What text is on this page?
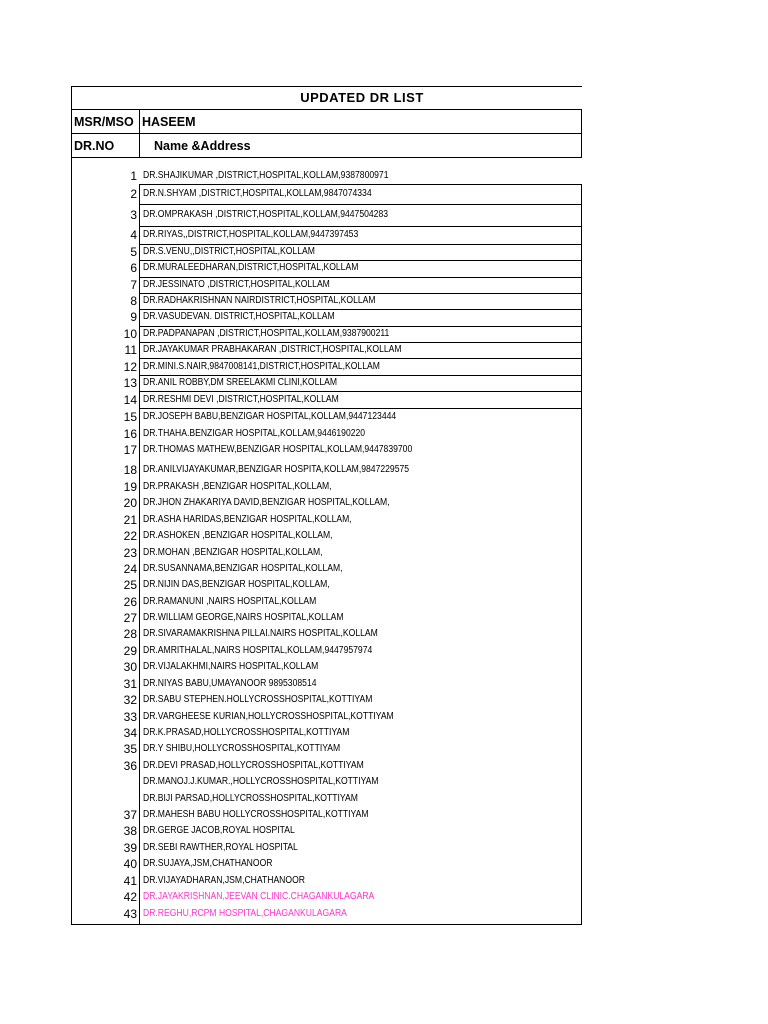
UPDATED DR LIST
MSR/MSO HASEEM
DR.NO	Name &Address
1 DR.SHAJIKUMAR ,DISTRICT,HOSPITAL,KOLLAM,9387800971
2 DR.N.SHYAM ,DISTRICT,HOSPITAL,KOLLAM,9847074334
3 DR.OMPRAKASH ,DISTRICT,HOSPITAL,KOLLAM,9447504283
4 DR.RIYAS,,DISTRICT,HOSPITAL,KOLLAM,9447397453
5 DR.S.VENU,,DISTRICT,HOSPITAL,KOLLAM
6 DR.MURALEEDHARAN,DISTRICT,HOSPITAL,KOLLAM
7 DR.JESSINATO ,DISTRICT,HOSPITAL,KOLLAM
8 DR.RADHAKRISHNAN NAIRDISTRICT,HOSPITAL,KOLLAM
9 DR.VASUDEVAN. DISTRICT,HOSPITAL,KOLLAM
10 DR.PADPANAPAN ,DISTRICT,HOSPITAL,KOLLAM,9387900211
11 DR.JAYAKUMAR PRABHAKARAN ,DISTRICT,HOSPITAL,KOLLAM
12 DR.MINI.S.NAIR,9847008141,DISTRICT,HOSPITAL,KOLLAM
13 DR.ANIL ROBBY,DM SREELAKMI CLINI,KOLLAM
14 DR.RESHMI DEVI ,DISTRICT,HOSPITAL,KOLLAM
15 DR.JOSEPH BABU,BENZIGAR HOSPITAL,KOLLAM,9447123444
16 DR.THAHA.BENZIGAR HOSPITAL,KOLLAM,9446190220
17 DR.THOMAS MATHEW,BENZIGAR HOSPITAL,KOLLAM,9447839700
18 DR.ANILVIJAYAKUMAR,BENZIGAR HOSPITA,KOLLAM,9847229575
19 DR.PRAKASH ,BENZIGAR HOSPITAL,KOLLAM,
20 DR.JHON ZHAKARIYA DAVID,BENZIGAR HOSPITAL,KOLLAM,
21 DR.ASHA HARIDAS,BENZIGAR HOSPITAL,KOLLAM,
22 DR.ASHOKEN ,BENZIGAR HOSPITAL,KOLLAM,
23 DR.MOHAN ,BENZIGAR HOSPITAL,KOLLAM,
24 DR.SUSANNAMA,BENZIGAR HOSPITAL,KOLLAM,
25 DR.NIJIN DAS,BENZIGAR HOSPITAL,KOLLAM,
26 DR.RAMANUNI ,NAIRS HOSPITAL,KOLLAM
27 DR.WILLIAM GEORGE,NAIRS HOSPITAL,KOLLAM
28 DR.SIVARAMAKRISHNA PILLAI.NAIRS HOSPITAL,KOLLAM
29 DR.AMRITHALAL,NAIRS HOSPITAL,KOLLAM,9447957974
30 DR.VIJALAKHMI,NAIRS HOSPITAL,KOLLAM
31 DR.NIYAS BABU,UMAYANOOR 9895308514
32 DR.SABU STEPHEN.HOLLYCROSSHOSPITAL,KOTTIYAM
33 DR.VARGHEESE KURIAN,HOLLYCROSSHOSPITAL,KOTTIYAM
34 DR.K.PRASAD,HOLLYCROSSHOSPITAL,KOTTIYAM
35 DR.Y SHIBU,HOLLYCROSSHOSPITAL,KOTTIYAM
36 DR.DEVI PRASAD,HOLLYCROSSHOSPITAL,KOTTIYAM
DR.MANOJ.J.KUMAR.,HOLLYCROSSHOSPITAL,KOTTIYAM
DR.BIJI PARSAD,HOLLYCROSSHOSPITAL,KOTTIYAM
37 DR.MAHESH BABU HOLLYCROSSHOSPITAL,KOTTIYAM
38 DR.GERGE JACOB,ROYAL HOSPITAL
39 DR.SEBI RAWTHER,ROYAL HOSPITAL
40 DR.SUJAYA,JSM,CHATHANOOR
41 DR.VIJAYADHARAN,JSM,CHATHANOOR
42 DR.JAYAKRISHNAN,JEEVAN CLINIC.CHAGANKULAGARA
43 DR.REGHU,RCPM HOSPITAL,CHAGANKULAGARA
